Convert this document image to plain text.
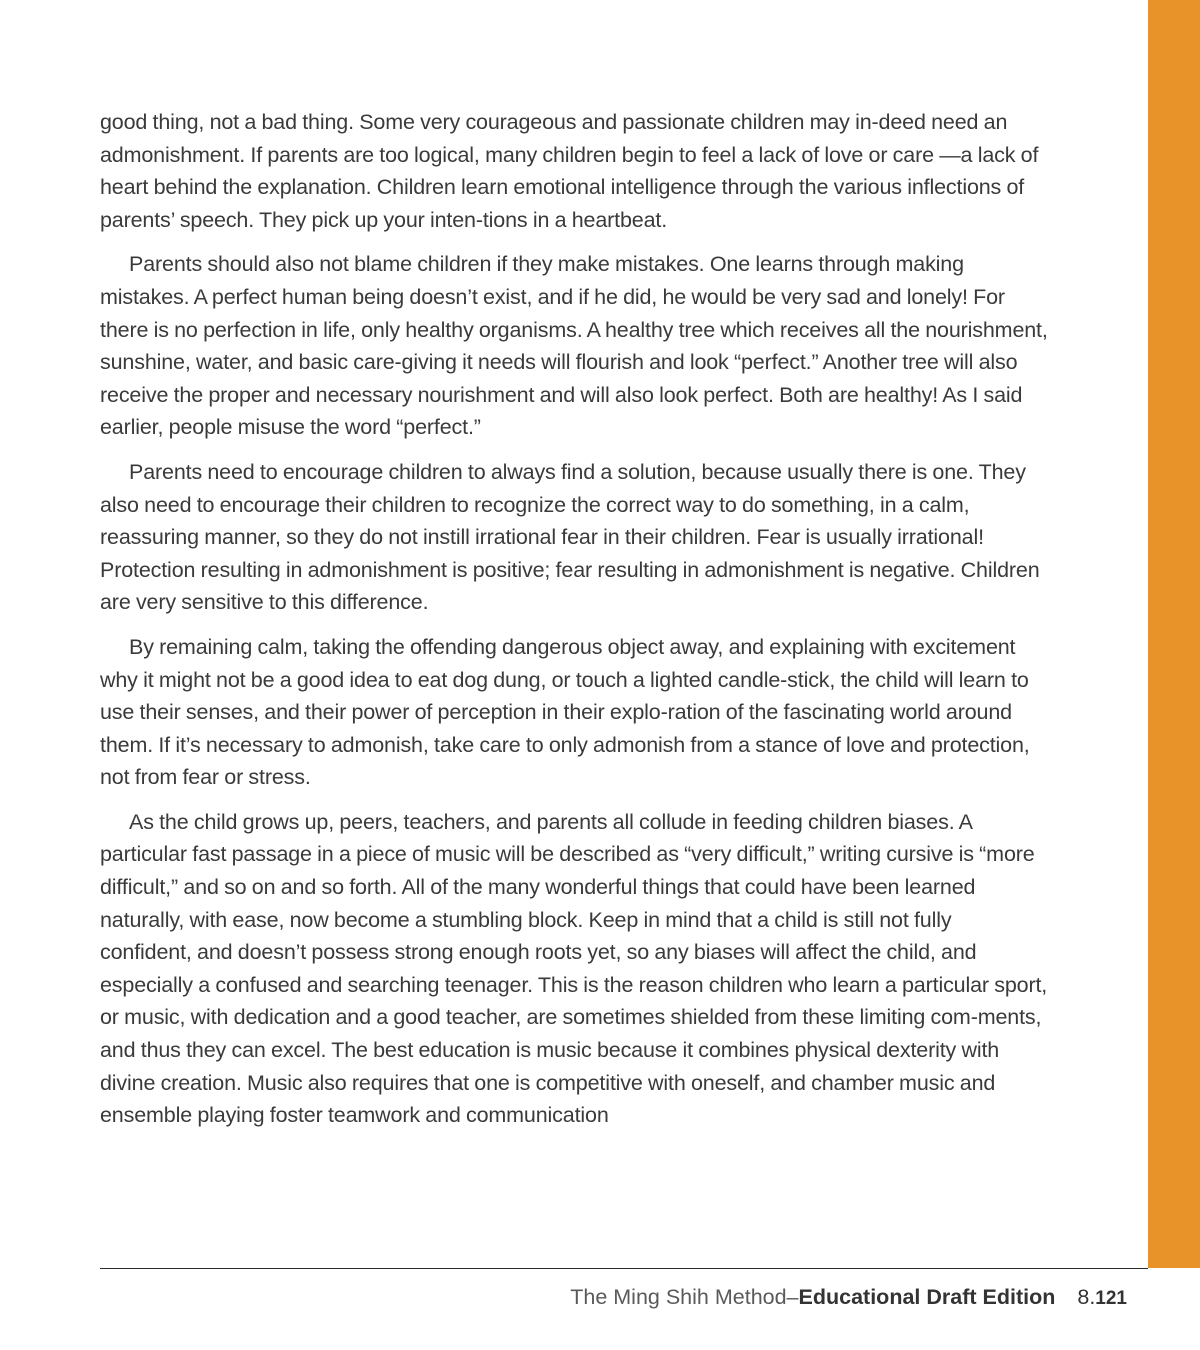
good thing, not a bad thing. Some very courageous and passionate children may in-deed need an admonishment. If parents are too logical, many children begin to feel a lack of love or care —a lack of heart behind the explanation. Children learn emotional intelligence through the various inflections of parents’ speech. They pick up your inten-tions in a heartbeat.

Parents should also not blame children if they make mistakes. One learns through making mistakes. A perfect human being doesn’t exist, and if he did, he would be very sad and lonely! For there is no perfection in life, only healthy organisms. A healthy tree which receives all the nourishment, sunshine, water, and basic care-giving it needs will flourish and look “perfect.” Another tree will also receive the proper and necessary nourishment and will also look perfect. Both are healthy! As I said earlier, people misuse the word “perfect.”

Parents need to encourage children to always find a solution, because usually there is one. They also need to encourage their children to recognize the correct way to do something, in a calm, reassuring manner, so they do not instill irrational fear in their children. Fear is usually irrational! Protection resulting in admonishment is positive; fear resulting in admonishment is negative. Children are very sensitive to this difference.

By remaining calm, taking the offending dangerous object away, and explaining with excitement why it might not be a good idea to eat dog dung, or touch a lighted candle-stick, the child will learn to use their senses, and their power of perception in their explo-ration of the fascinating world around them. If it’s necessary to admonish, take care to only admonish from a stance of love and protection, not from fear or stress.

As the child grows up, peers, teachers, and parents all collude in feeding children biases. A particular fast passage in a piece of music will be described as “very difficult,” writing cursive is “more difficult,” and so on and so forth. All of the many wonderful things that could have been learned naturally, with ease, now become a stumbling block. Keep in mind that a child is still not fully confident, and doesn’t possess strong enough roots yet, so any biases will affect the child, and especially a confused and searching teenager. This is the reason children who learn a particular sport, or music, with dedication and a good teacher, are sometimes shielded from these limiting com-ments, and thus they can excel. The best education is music because it combines physical dexterity with divine creation. Music also requires that one is competitive with oneself, and chamber music and ensemble playing foster teamwork and communication

The Ming Shih Method–Educational Draft Edition 8.121
